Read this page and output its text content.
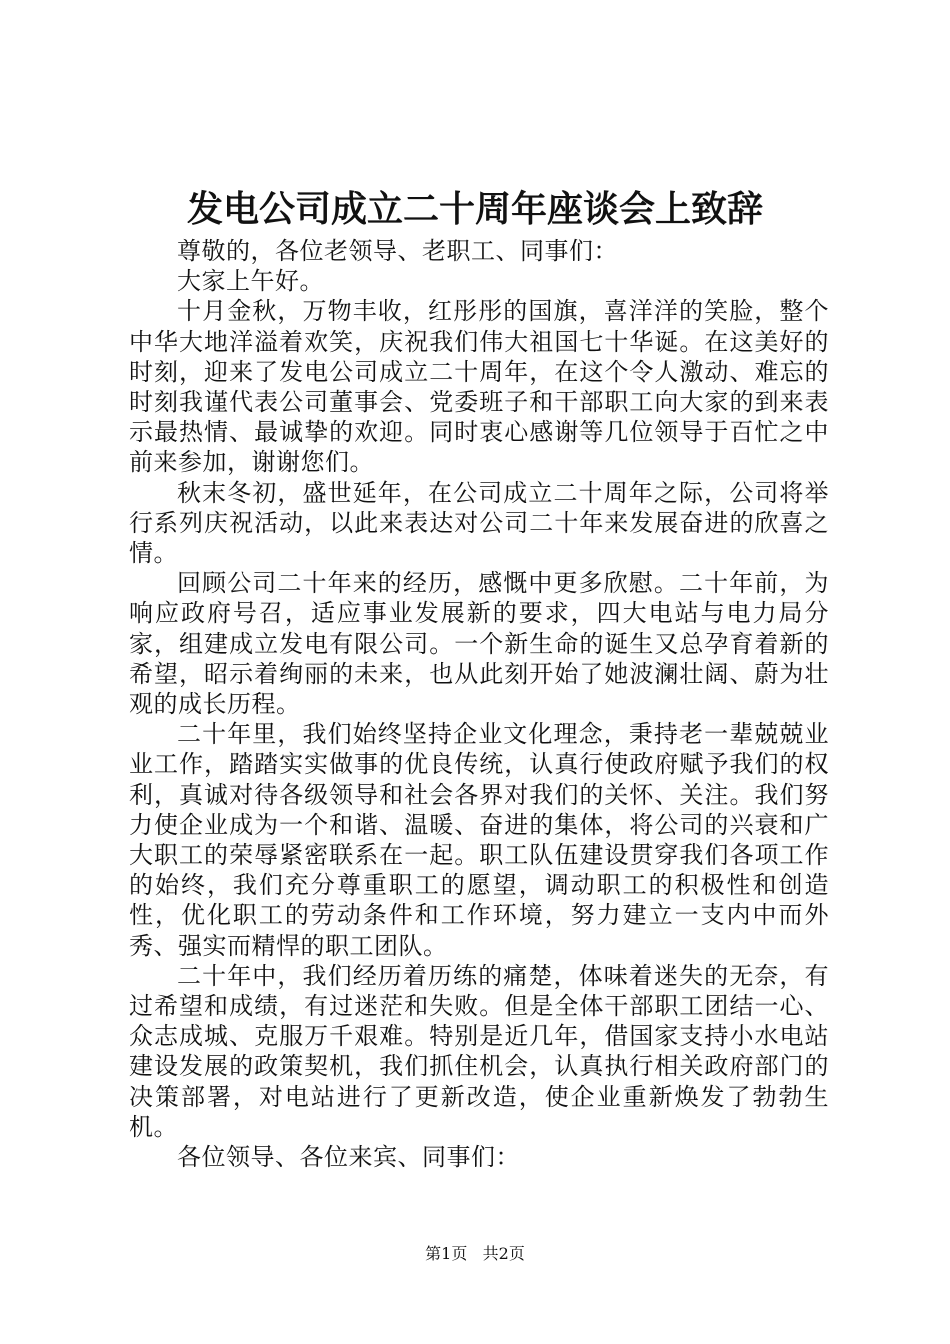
发电公司成立二十周年座谈会上致辞

尊敬的，各位老领导、老职工、同事们：

大家上午好。

十月金秋，万物丰收，红彤彤的国旗，喜洋洋的笑脸，整个中华大地洋溢着欢笑，庆祝我们伟大祖国七十华诞。在这美好的时刻，迎来了发电公司成立二十周年，在这个令人激动、难忘的时刻我谨代表公司董事会、党委班子和干部职工向大家的到来表示最热情、最诚挚的欢迎。同时衷心感谢等几位领导于百忙之中前来参加，谢谢您们。

秋末冬初，盛世延年，在公司成立二十周年之际，公司将举行系列庆祝活动，以此来表达对公司二十年来发展奋进的欣喜之情。

回顾公司二十年来的经历，感慨中更多欣慰。二十年前，为响应政府号召，适应事业发展新的要求，四大电站与电力局分家，组建成立发电有限公司。一个新生命的诞生又总孕育着新的希望，昭示着绚丽的未来，也从此刻开始了她波澜壮阔、蔚为壮观的成长历程。

二十年里，我们始终坚持企业文化理念，秉持老一辈兢兢业业工作，踏踏实实做事的优良传统，认真行使政府赋予我们的权利，真诚对待各级领导和社会各界对我们的关怀、关注。我们努力使企业成为一个和谐、温暖、奋进的集体，将公司的兴衰和广大职工的荣辱紧密联系在一起。职工队伍建设贯穿我们各项工作的始终，我们充分尊重职工的愿望，调动职工的积极性和创造性，优化职工的劳动条件和工作环境，努力建立一支内中而外秀、强实而精悍的职工团队。

二十年中，我们经历着历练的痛楚，体味着迷失的无奈，有过希望和成绩，有过迷茫和失败。但是全体干部职工团结一心、众志成城、克服万千艰难。特别是近几年，借国家支持小水电站建设发展的政策契机，我们抓住机会，认真执行相关政府部门的决策部署，对电站进行了更新改造，使企业重新焕发了勃勃生机。

各位领导、各位来宾、同事们：

第1页 共2页
